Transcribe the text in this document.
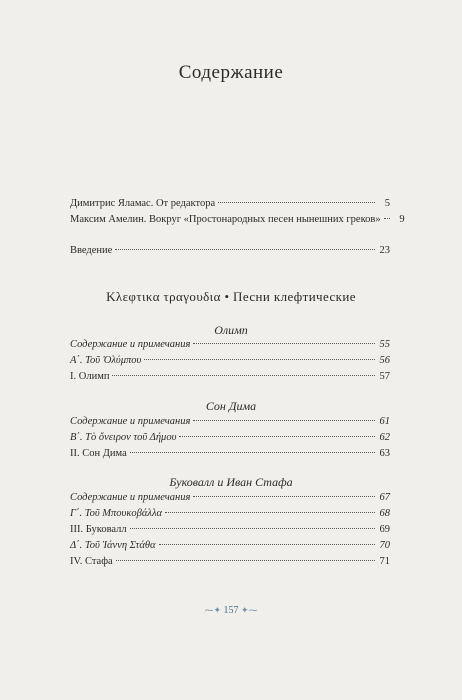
Содержание
Димитрис Яламас. От редактора	5
Максим Амелин. Вокруг «Простонародных песен нынешних греков»	9
Введение	23
Κλεφτικα τραγουδια • Песни клефтические
Олимп
Содержание и примечания	55
Α΄. Τοῦ Ὀλύμπου	56
I. Олимп	57
Сон Дима
Содержание и примечания	61
Β΄. Τὸ ὄνειρον τοῦ Δήμου	62
II. Сон Дима	63
Буковалл и Иван Стафа
Содержание и примечания	67
Γ΄. Τοῦ Μπουκοβάλλα	68
III. Буковалл	69
Δ΄. Τοῦ Ἰάννη Στάθα	70
IV. Стафа	71
⁓✦ 157 ✦⁓
